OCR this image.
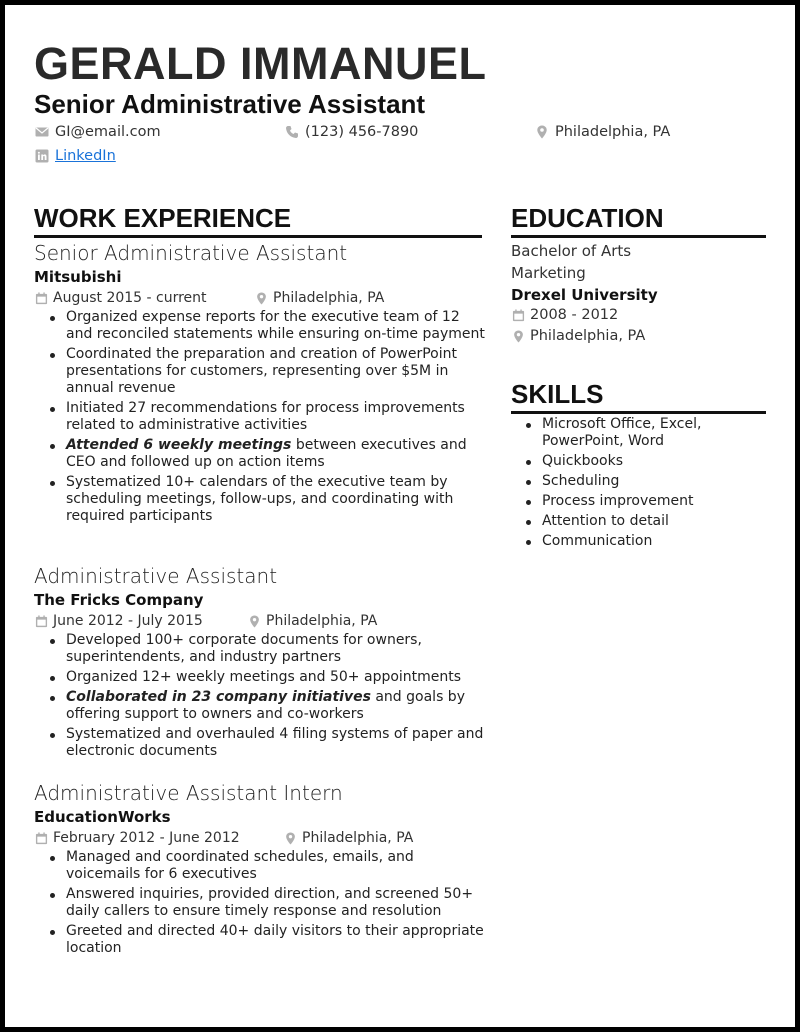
GERALD IMMANUEL
Senior Administrative Assistant
GI@email.com	(123) 456-7890	Philadelphia, PA
LinkedIn
WORK EXPERIENCE
Senior Administrative Assistant
Mitsubishi
August 2015 - current	Philadelphia, PA
Organized expense reports for the executive team of 12 and reconciled statements while ensuring on-time payment
Coordinated the preparation and creation of PowerPoint presentations for customers, representing over $5M in annual revenue
Initiated 27 recommendations for process improvements related to administrative activities
Attended 6 weekly meetings between executives and CEO and followed up on action items
Systematized 10+ calendars of the executive team by scheduling meetings, follow-ups, and coordinating with required participants
Administrative Assistant
The Fricks Company
June 2012 - July 2015	Philadelphia, PA
Developed 100+ corporate documents for owners, superintendents, and industry partners
Organized 12+ weekly meetings and 50+ appointments
Collaborated in 23 company initiatives and goals by offering support to owners and co-workers
Systematized and overhauled 4 filing systems of paper and electronic documents
Administrative Assistant Intern
EducationWorks
February 2012 - June 2012	Philadelphia, PA
Managed and coordinated schedules, emails, and voicemails for 6 executives
Answered inquiries, provided direction, and screened 50+ daily callers to ensure timely response and resolution
Greeted and directed 40+ daily visitors to their appropriate location
EDUCATION
Bachelor of Arts
Marketing
Drexel University
2008 - 2012
Philadelphia, PA
SKILLS
Microsoft Office, Excel, PowerPoint, Word
Quickbooks
Scheduling
Process improvement
Attention to detail
Communication
